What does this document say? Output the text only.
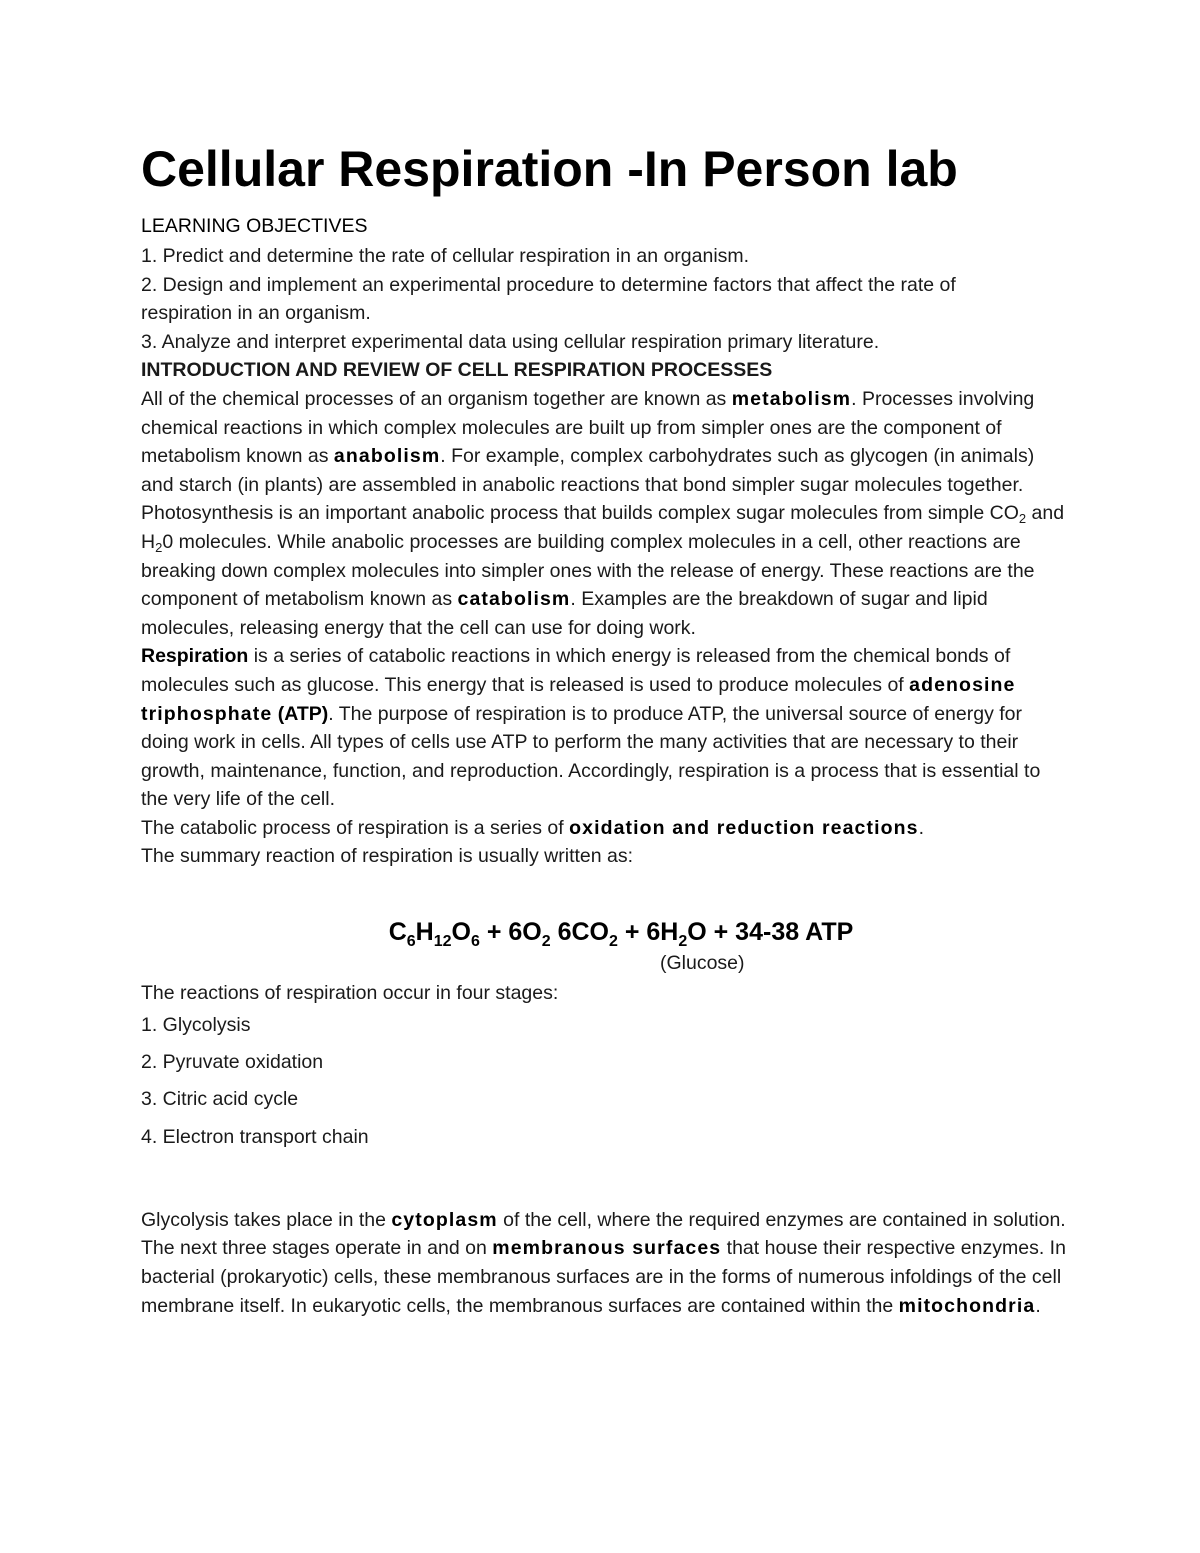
Cellular Respiration -In Person lab

LEARNING OBJECTIVES

1. Predict and determine the rate of cellular respiration in an organism.

2. Design and implement an experimental procedure to determine factors that affect the rate of

respiration in an organism.

3. Analyze and interpret experimental data using cellular respiration primary literature.

INTRODUCTION AND REVIEW OF CELL RESPIRATION PROCESSES

All of the chemical processes of an organism together are known as metabolism. Processes involving chemical reactions in which complex molecules are built up from simpler ones are the component of metabolism known as anabolism. For example, complex carbohydrates such as glycogen (in animals) and starch (in plants) are assembled in anabolic reactions that bond simpler sugar molecules together. Photosynthesis is an important anabolic process that builds complex sugar molecules from simple $CO_2$ and $H_20$ molecules. While anabolic processes are building complex molecules in a cell, other reactions are breaking down complex molecules into simpler ones with the release of energy. These reactions are the component of metabolism known as catabolism. Examples are the breakdown of sugar and lipid molecules, releasing energy that the cell can use for doing work.

Respiration is a series of catabolic reactions in which energy is released from the chemical bonds of molecules such as glucose. This energy that is released is used to produce molecules of adenosine triphosphate (ATP). The purpose of respiration is to produce ATP, the universal source of energy for doing work in cells. All types of cells use ATP to perform the many activities that are necessary to their growth, maintenance, function, and reproduction. Accordingly, respiration is a process that is essential to the very life of the cell.

The catabolic process of respiration is a series of oxidation and reduction reactions.

The summary reaction of respiration is usually written as:

$C_6H_{12}O_6 + 6O_2$ $6CO_2 + 6H_2O + 34-38$ ATP

(Glucose)

The reactions of respiration occur in four stages:

1. Glycolysis
2. Pyruvate oxidation
3. Citric acid cycle
4. Electron transport chain

Glycolysis takes place in the cytoplasm of the cell, where the required enzymes are contained in solution. The next three stages operate in and on membranous surfaces that house their respective enzymes. In bacterial (prokaryotic) cells, these membranous surfaces are in the forms of numerous infoldings of the cell membrane itself. In eukaryotic cells, the membranous surfaces are contained within the mitochondria.
